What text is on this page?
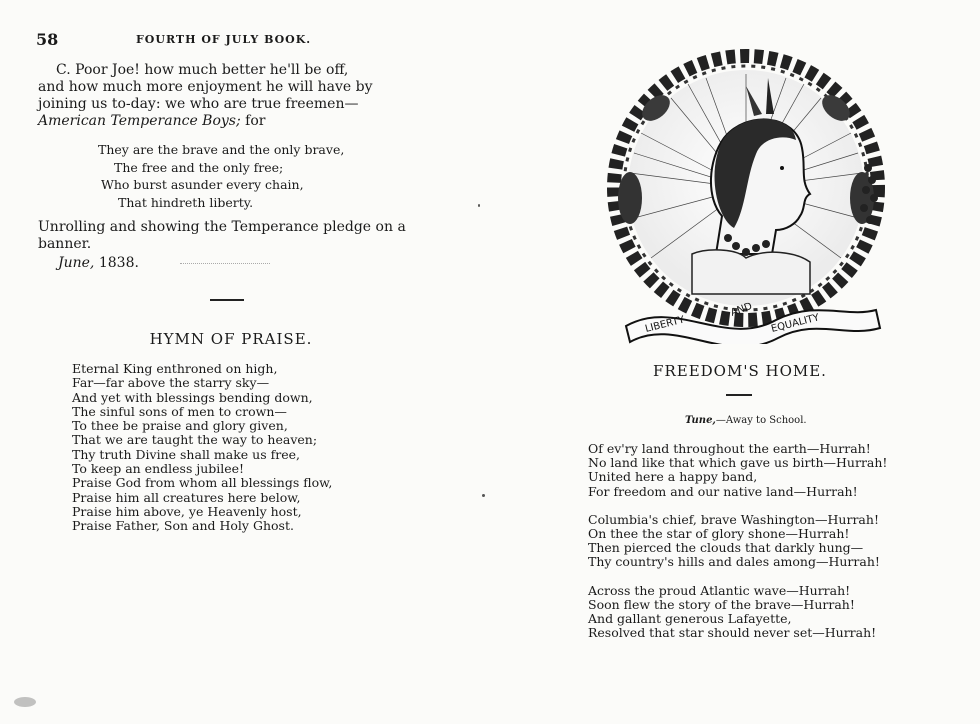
58	FOURTH OF JULY BOOK.
C. Poor Joe! how much better he'll be off,
and how much more enjoyment he will have by
joining us to-day: we who are true freemen—
American Temperance Boys; for
They are the brave and the only brave,
The free and the only free;
Who burst asunder every chain,
That hindreth liberty.
Unrolling and showing the Temperance pledge on a banner.
June, 1838.
HYMN OF PRAISE.
Eternal King enthroned on high,
Far—far above the starry sky—
And yet with blessings bending down,
The sinful sons of men to crown—
To thee be praise and glory given,
That we are taught the way to heaven;
Thy truth Divine shall make us free,
To keep an endless jubilee!
Praise God from whom all blessings flow,
Praise him all creatures here below,
Praise him above, ye Heavenly host,
Praise Father, Son and Holy Ghost.
LIBERTY
AND
EQUALITY
FREEDOM'S HOME.
Tune,—Away to School.
Of ev'ry land throughout the earth—Hurrah!
No land like that which gave us birth—Hurrah!
United here a happy band,
For freedom and our native land—Hurrah!
Columbia's chief, brave Washington—Hurrah!
On thee the star of glory shone—Hurrah!
Then pierced the clouds that darkly hung—
Thy country's hills and dales among—Hurrah!
Across the proud Atlantic wave—Hurrah!
Soon flew the story of the brave—Hurrah!
And gallant generous Lafayette,
Resolved that star should never set—Hurrah!
